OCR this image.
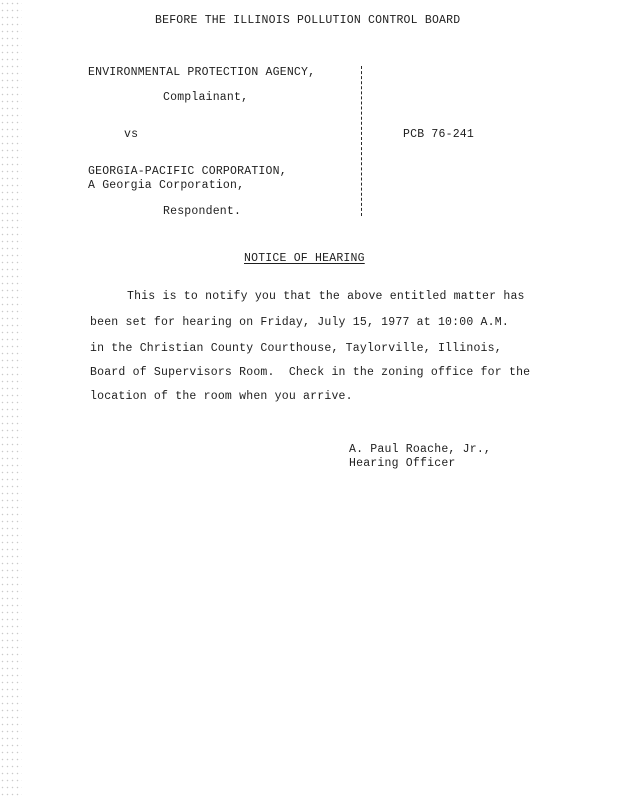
BEFORE THE ILLINOIS POLLUTION CONTROL BOARD
ENVIRONMENTAL PROTECTION AGENCY,
Complainant,
vs	PCB 76-241
GEORGIA-PACIFIC CORPORATION,
A Georgia Corporation,
Respondent.
NOTICE OF HEARING
This is to notify you that the above entitled matter has
been set for hearing on Friday, July 15, 1977 at 10:00 A.M.
in the Christian County Courthouse, Taylorville, Illinois,
Board of Supervisors Room.  Check in the zoning office for the
location of the room when you arrive.
A. Paul Roache, Jr.,
Hearing Officer
